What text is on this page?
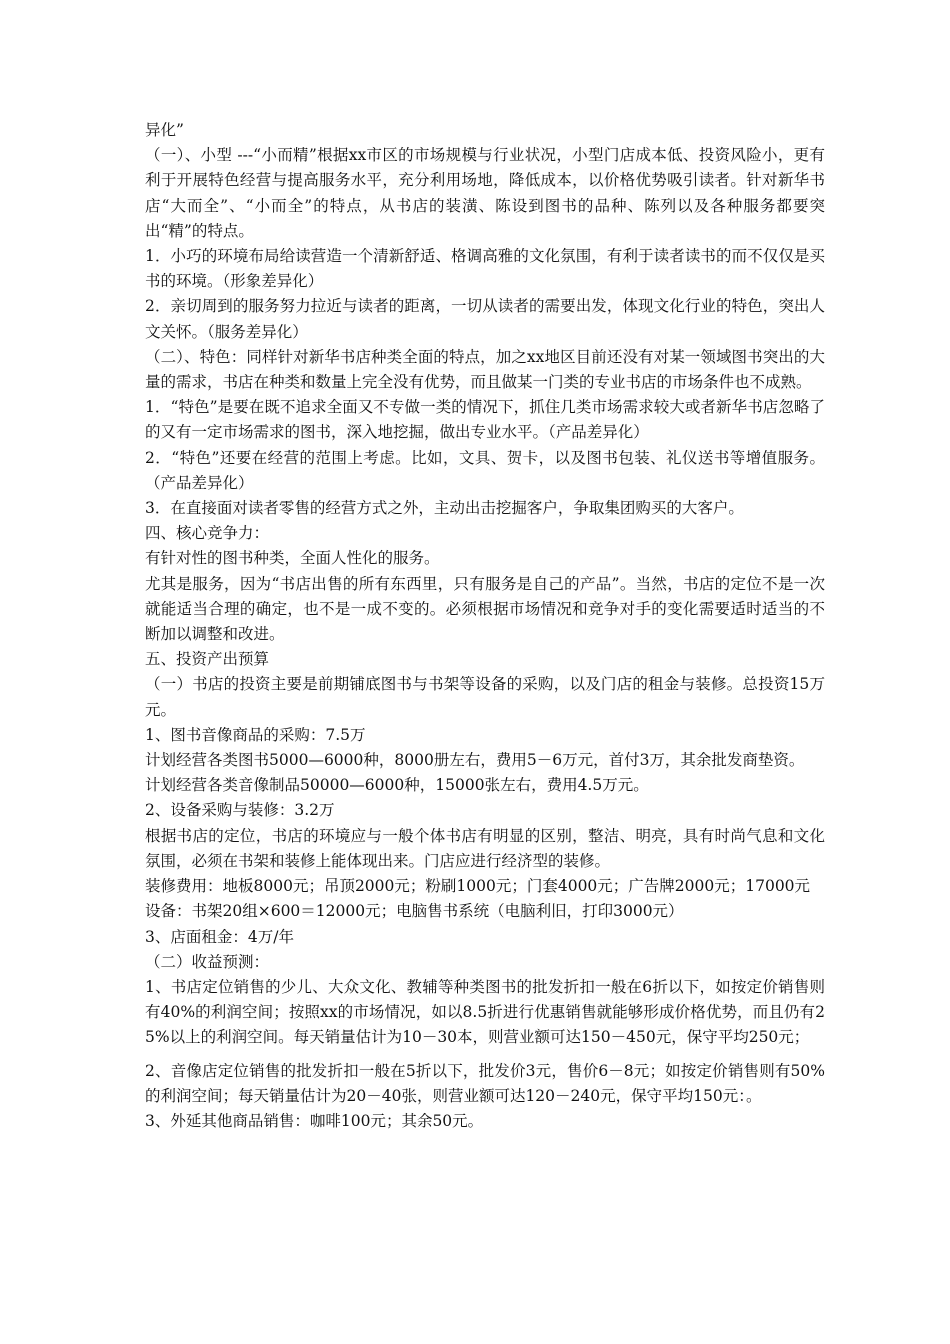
异化”

（一）、小型 ---“小而精”根据xx市区的市场规模与行业状况，小型门店成本低、投资风险小，更有利于开展特色经营与提高服务水平，充分利用场地，降低成本，以价格优势吸引读者。针对新华书店“大而全”、“小而全”的特点，从书店的装潢、陈设到图书的品种、陈列以及各种服务都要突出“精”的特点。

1．小巧的环境布局给读营造一个清新舒适、格调高雅的文化氛围，有利于读者读书的而不仅仅是买书的环境。（形象差异化）

2．亲切周到的服务努力拉近与读者的距离，一切从读者的需要出发，体现文化行业的特色，突出人文关怀。（服务差异化）

（二）、特色：同样针对新华书店种类全面的特点，加之xx地区目前还没有对某一领域图书突出的大量的需求，书店在种类和数量上完全没有优势，而且做某一门类的专业书店的市场条件也不成熟。

1．“特色”是要在既不追求全面又不专做一类的情况下，抓住几类市场需求较大或者新华书店忽略了的又有一定市场需求的图书，深入地挖掘，做出专业水平。（产品差异化）

2．“特色”还要在经营的范围上考虑。比如，文具、贺卡，以及图书包装、礼仪送书等增值服务。（产品差异化）

3．在直接面对读者零售的经营方式之外，主动出击挖掘客户，争取集团购买的大客户。

四、核心竞争力：

有针对性的图书种类，全面人性化的服务。

尤其是服务，因为“书店出售的所有东西里，只有服务是自己的产品”。当然，书店的定位不是一次就能适当合理的确定，也不是一成不变的。必须根据市场情况和竞争对手的变化需要适时适当的不断加以调整和改进。

五、投资产出预算

（一）书店的投资主要是前期铺底图书与书架等设备的采购，以及门店的租金与装修。总投资15万元。

1、图书音像商品的采购：7.5万

计划经营各类图书5000—6000种，8000册左右，费用5－6万元，首付3万，其余批发商垫资。

计划经营各类音像制品50000—6000种，15000张左右，费用4.5万元。

2、设备采购与装修：3.2万

根据书店的定位，书店的环境应与一般个体书店有明显的区别，整洁、明亮，具有时尚气息和文化氛围，必须在书架和装修上能体现出来。门店应进行经济型的装修。

装修费用：地板8000元；吊顶2000元；粉刷1000元；门套4000元；广告牌2000元；17000元

设备：书架20组×600＝12000元；电脑售书系统（电脑利旧，打印3000元）

3、店面租金：4万/年

（二）收益预测：

1、书店定位销售的少儿、大众文化、教辅等种类图书的批发折扣一般在6折以下，如按定价销售则有40%的利润空间；按照xx的市场情况，如以8.5折进行优惠销售就能够形成价格优势，而且仍有25%以上的利润空间。每天销量估计为10－30本，则营业额可达150－450元，保守平均250元；

2、音像店定位销售的批发折扣一般在5折以下，批发价3元，售价6－8元；如按定价销售则有50%的利润空间；每天销量估计为20－40张，则营业额可达120－240元，保守平均150元：。

3、外延其他商品销售：咖啡100元；其余50元。
